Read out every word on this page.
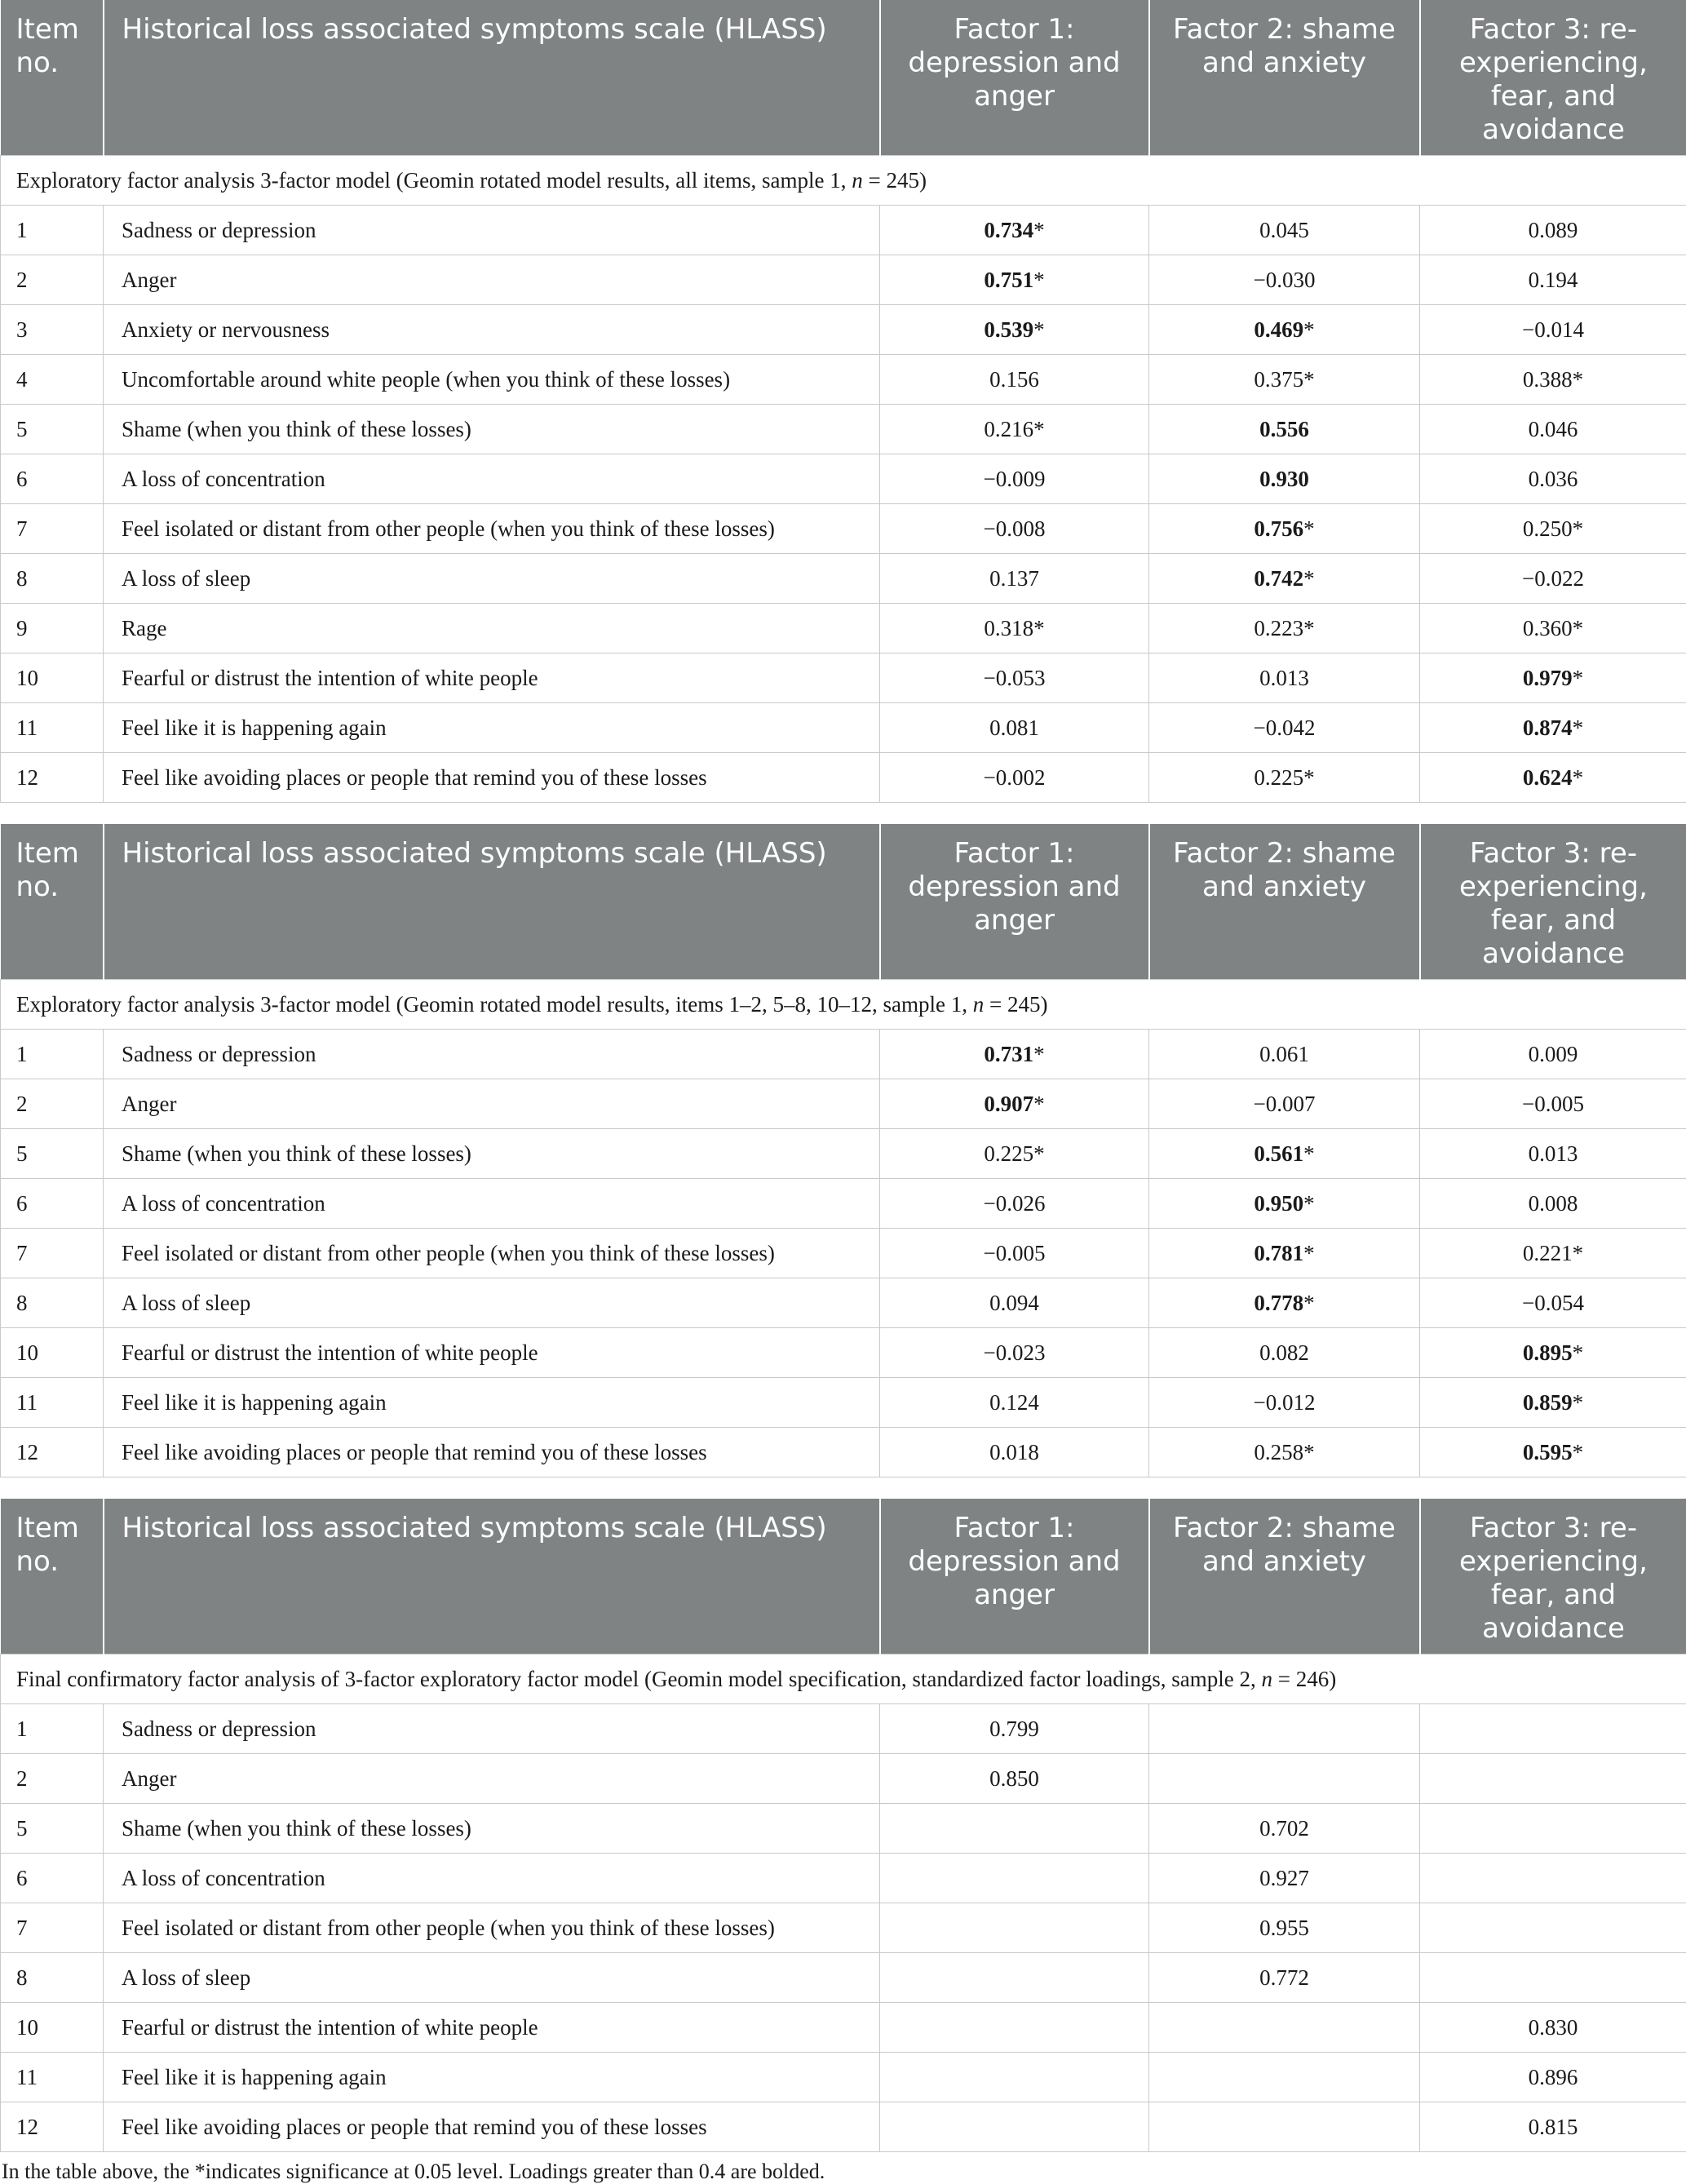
Item no.	Historical loss associated symptoms scale (HLASS)	Factor 1: depression and anger	Factor 2: shame and anxiety	Factor 3: re-experiencing, fear, and avoidance
Exploratory factor analysis 3-factor model (Geomin rotated model results, all items, sample 1, n = 245)				
1	Sadness or depression	0.734*	0.045	0.089
2	Anger	0.751*	−0.030	0.194
3	Anxiety or nervousness	0.539*	0.469*	−0.014
4	Uncomfortable around white people (when you think of these losses)	0.156	0.375*	0.388*
5	Shame (when you think of these losses)	0.216*	0.556	0.046
6	A loss of concentration	−0.009	0.930	0.036
7	Feel isolated or distant from other people (when you think of these losses)	−0.008	0.756*	0.250*
8	A loss of sleep	0.137	0.742*	−0.022
9	Rage	0.318*	0.223*	0.360*
10	Fearful or distrust the intention of white people	−0.053	0.013	0.979*
11	Feel like it is happening again	0.081	−0.042	0.874*
12	Feel like avoiding places or people that remind you of these losses	−0.002	0.225*	0.624*
Item no.	Historical loss associated symptoms scale (HLASS)	Factor 1: depression and anger	Factor 2: shame and anxiety	Factor 3: re-experiencing, fear, and avoidance
Exploratory factor analysis 3-factor model (Geomin rotated model results, items 1–2, 5–8, 10–12, sample 1, n = 245)				
1	Sadness or depression	0.731*	0.061	0.009
2	Anger	0.907*	−0.007	−0.005
5	Shame (when you think of these losses)	0.225*	0.561*	0.013
6	A loss of concentration	−0.026	0.950*	0.008
7	Feel isolated or distant from other people (when you think of these losses)	−0.005	0.781*	0.221*
8	A loss of sleep	0.094	0.778*	−0.054
10	Fearful or distrust the intention of white people	−0.023	0.082	0.895*
11	Feel like it is happening again	0.124	−0.012	0.859*
12	Feel like avoiding places or people that remind you of these losses	0.018	0.258*	0.595*
Item no.	Historical loss associated symptoms scale (HLASS)	Factor 1: depression and anger	Factor 2: shame and anxiety	Factor 3: re-experiencing, fear, and avoidance
Final confirmatory factor analysis of 3-factor exploratory factor model (Geomin model specification, standardized factor loadings, sample 2, n = 246)				
1	Sadness or depression	0.799		
2	Anger	0.850		
5	Shame (when you think of these losses)		0.702	
6	A loss of concentration		0.927	
7	Feel isolated or distant from other people (when you think of these losses)		0.955	
8	A loss of sleep		0.772	
10	Fearful or distrust the intention of white people			0.830
11	Feel like it is happening again			0.896
12	Feel like avoiding places or people that remind you of these losses			0.815
In the table above, the *indicates significance at 0.05 level. Loadings greater than 0.4 are bolded.
